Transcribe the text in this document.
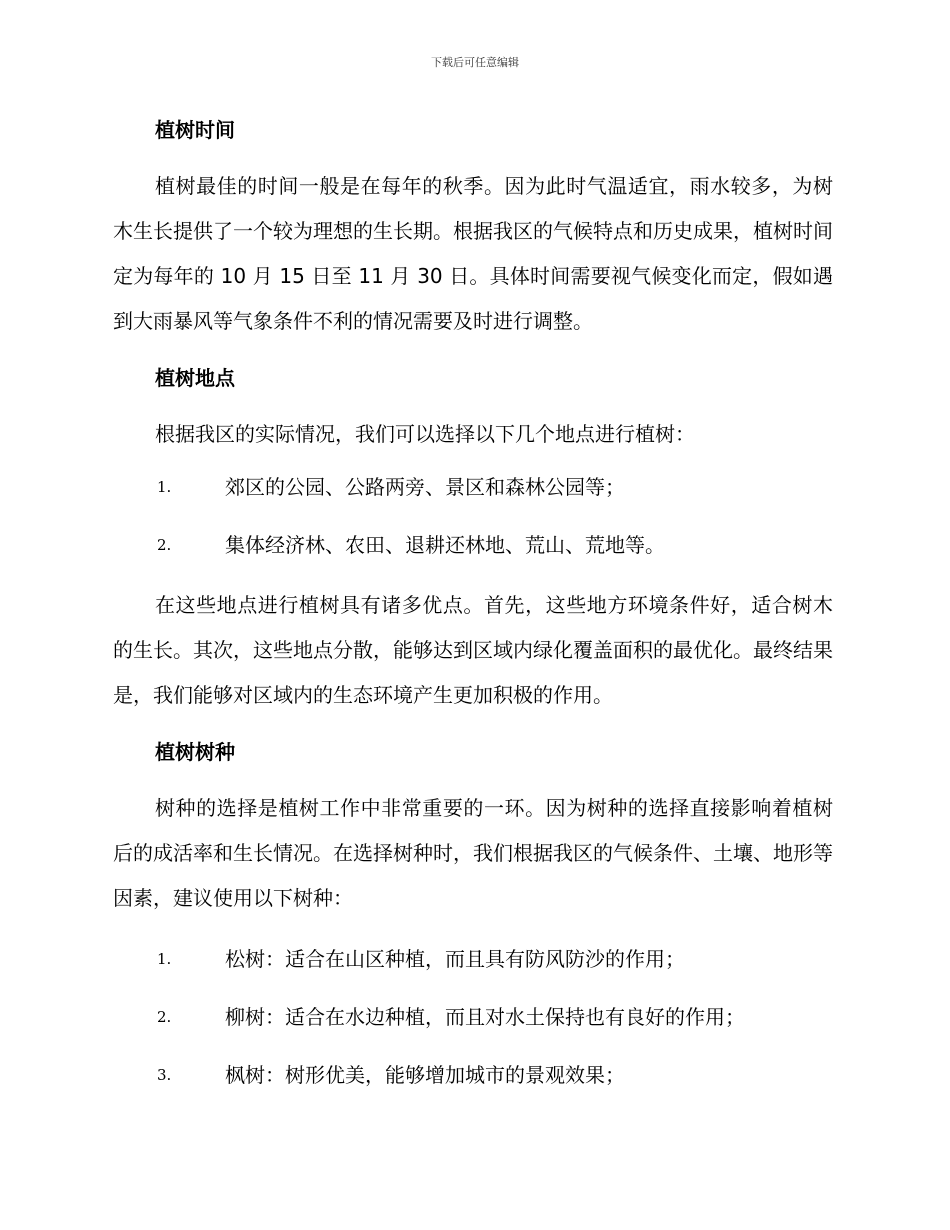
下载后可任意编辑
植树时间

植树最佳的时间一般是在每年的秋季。因为此时气温适宜，雨水较多，为树木生长提供了一个较为理想的生长期。根据我区的气候特点和历史成果，植树时间定为每年的 10 月 15 日至 11 月 30 日。具体时间需要视气候变化而定，假如遇到大雨暴风等气象条件不利的情况需要及时进行调整。

植树地点

根据我区的实际情况，我们可以选择以下几个地点进行植树：

1.	郊区的公园、公路两旁、景区和森林公园等；
2.	集体经济林、农田、退耕还林地、荒山、荒地等。

在这些地点进行植树具有诸多优点。首先，这些地方环境条件好，适合树木的生长。其次，这些地点分散，能够达到区域内绿化覆盖面积的最优化。最终结果是，我们能够对区域内的生态环境产生更加积极的作用。

植树树种

树种的选择是植树工作中非常重要的一环。因为树种的选择直接影响着植树后的成活率和生长情况。在选择树种时，我们根据我区的气候条件、土壤、地形等因素，建议使用以下树种：

1.	松树：适合在山区种植，而且具有防风防沙的作用；
2.	柳树：适合在水边种植，而且对水土保持也有良好的作用；
3.	枫树：树形优美，能够增加城市的景观效果；
